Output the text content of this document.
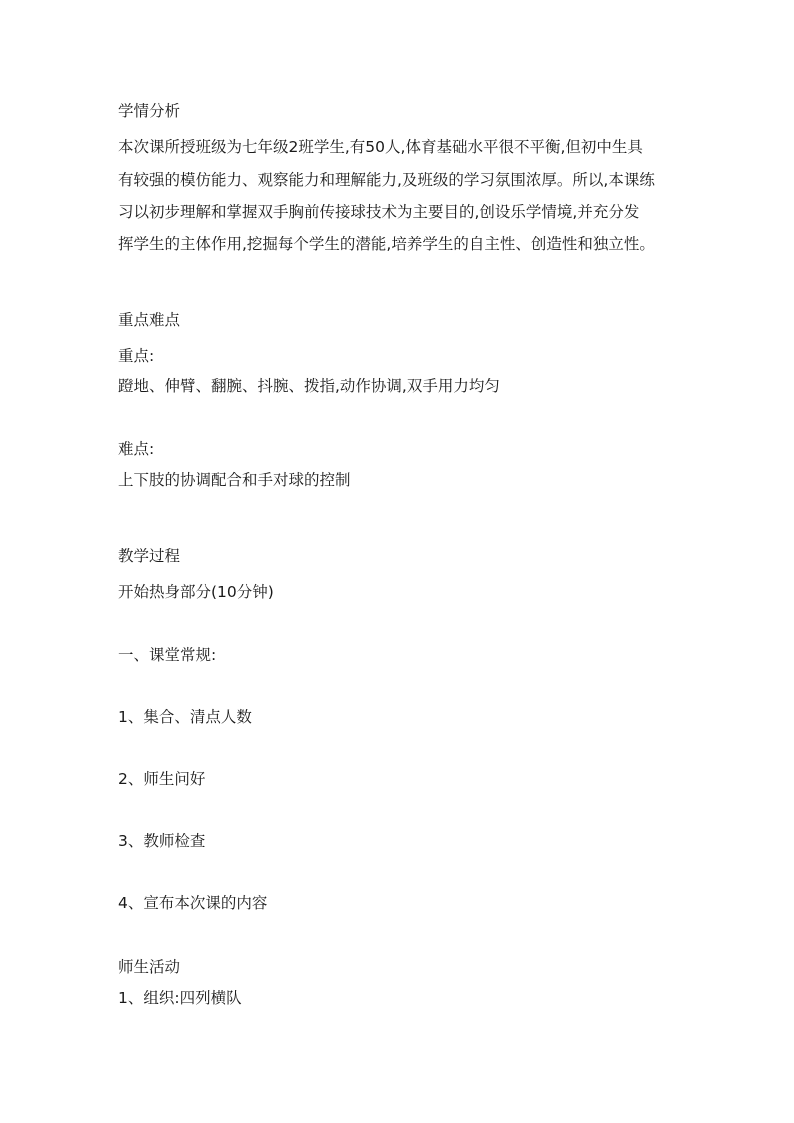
学情分析
本次课所授班级为七年级2班学生,有50人,体育基础水平很不平衡,但初中生具
有较强的模仿能力、观察能力和理解能力,及班级的学习氛围浓厚。所以,本课练
习以初步理解和掌握双手胸前传接球技术为主要目的,创设乐学情境,并充分发
挥学生的主体作用,挖掘每个学生的潜能,培养学生的自主性、创造性和独立性。
重点难点
重点:
蹬地、伸臂、翻腕、抖腕、拨指,动作协调,双手用力均匀
难点:
上下肢的协调配合和手对球的控制
教学过程
开始热身部分(10分钟)
一、课堂常规:
1、集合、清点人数
2、师生问好
3、教师检查
4、宣布本次课的内容
师生活动
1、组织:四列横队
